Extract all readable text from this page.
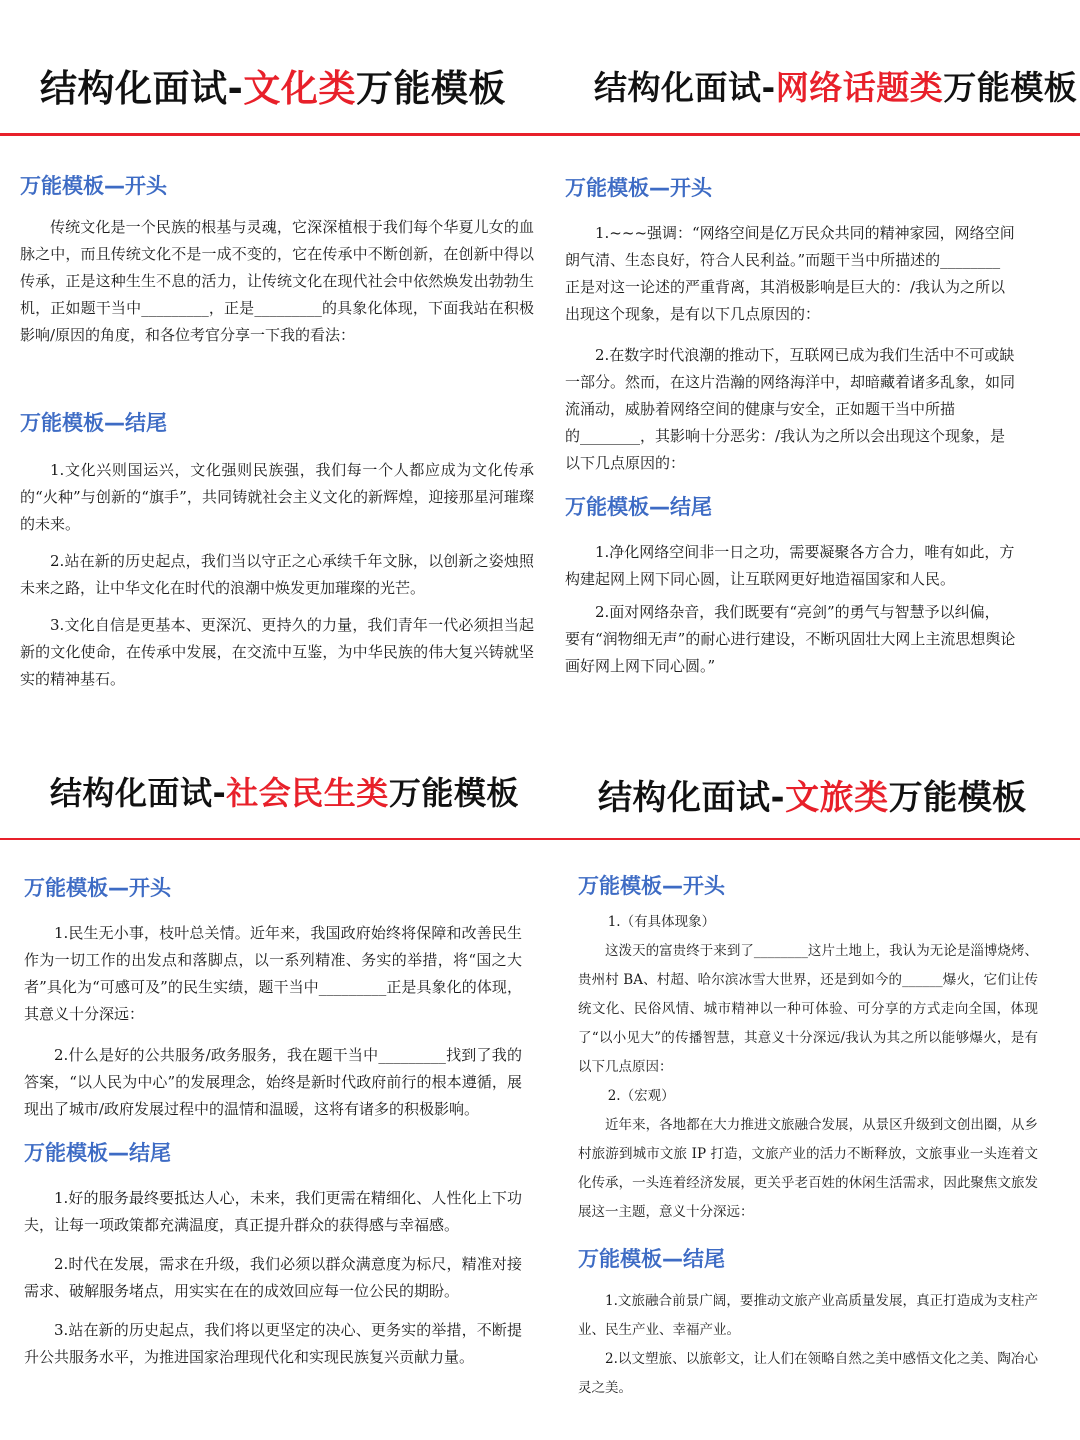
结构化面试-文化类万能模板	结构化面试-网络话题类万能模板
万能模板—开头

传统文化是一个民族的根基与灵魂，它深深植根于我们每个华夏儿女的血脉之中，而且传统文化不是一成不变的，它在传承中不断创新，在创新中得以传承，正是这种生生不息的活力，让传统文化在现代社会中依然焕发出勃勃生机，正如题干当中_________，正是_________的具象化体现，下面我站在积极影响/原因的角度，和各位考官分享一下我的看法：

万能模板—结尾

1.文化兴则国运兴，文化强则民族强，我们每一个人都应成为文化传承的“火种”与创新的“旗手”，共同铸就社会主义文化的新辉煌，迎接那星河璀璨的未来。

2.站在新的历史起点，我们当以守正之心承续千年文脉，以创新之姿烛照未来之路，让中华文化在时代的浪潮中焕发更加璀璨的光芒。

3.文化自信是更基本、更深沉、更持久的力量，我们青年一代必须担当起新的文化使命，在传承中发展，在交流中互鉴，为中华民族的伟大复兴铸就坚实的精神基石。

万能模板—开头

1.~~~强调：“网络空间是亿万民众共同的精神家园，网络空间

朗气清、生态良好，符合人民利益。”而题干当中所描述的________

正是对这一论述的严重背离，其消极影响是巨大的：/我认为之所以

出现这个现象，是有以下几点原因的：

2.在数字时代浪潮的推动下，互联网已成为我们生活中不可或缺

一部分。然而，在这片浩瀚的网络海洋中，却暗藏着诸多乱象，如同

流涌动，威胁着网络空间的健康与安全，正如题干当中所描

的________，其影响十分恶劣：/我认为之所以会出现这个现象，是

以下几点原因的：

万能模板—结尾

1.净化网络空间非一日之功，需要凝聚各方合力，唯有如此，方

构建起网上网下同心圆，让互联网更好地造福国家和人民。

2.面对网络杂音，我们既要有“亮剑”的勇气与智慧予以纠偏，

要有“润物细无声”的耐心进行建设，不断巩固壮大网上主流思想舆论

画好网上网下同心圆。”

结构化面试-社会民生类万能模板 结构化面试-文旅类万能模板
万能模板—开头

1.民生无小事，枝叶总关情。近年来，我国政府始终将保障和改善民生作为一切工作的出发点和落脚点，以一系列精准、务实的举措，将“国之大者”具化为“可感可及”的民生实绩，题干当中_________正是具象化的体现，其意义十分深远：

2.什么是好的公共服务/政务服务，我在题干当中_________找到了我的答案，“以人民为中心”的发展理念，始终是新时代政府前行的根本遵循，展现出了城市/政府发展过程中的温情和温暖，这将有诸多的积极影响。

万能模板—结尾

1.好的服务最终要抵达人心，未来，我们更需在精细化、人性化上下功夫，让每一项政策都充满温度，真正提升群众的获得感与幸福感。

2.时代在发展，需求在升级，我们必须以群众满意度为标尺，精准对接需求、破解服务堵点，用实实在在的成效回应每一位公民的期盼。

3.站在新的历史起点，我们将以更坚定的决心、更务实的举措，不断提升公共服务水平，为推进国家治理现代化和实现民族复兴贡献力量。

万能模板—开头

1.（有具体现象）

这泼天的富贵终于来到了________这片土地上，我认为无论是淄博烧烤、贵州村 BA、村超、哈尔滨冰雪大世界，还是到如今的______爆火，它们让传统文化、民俗风情、城市精神以一种可体验、可分享的方式走向全国，体现了“以小见大”的传播智慧，其意义十分深远/我认为其之所以能够爆火，是有以下几点原因：

2.（宏观）

近年来，各地都在大力推进文旅融合发展，从景区升级到文创出圈，从乡村旅游到城市文旅 IP 打造，文旅产业的活力不断释放，文旅事业一头连着文化传承，一头连着经济发展，更关乎老百姓的休闲生活需求，因此聚焦文旅发展这一主题，意义十分深远：

万能模板—结尾

1.文旅融合前景广阔，要推动文旅产业高质量发展，真正打造成为支柱产业、民生产业、幸福产业。

2.以文塑旅、以旅彰文，让人们在领略自然之美中感悟文化之美、陶冶心灵之美。
